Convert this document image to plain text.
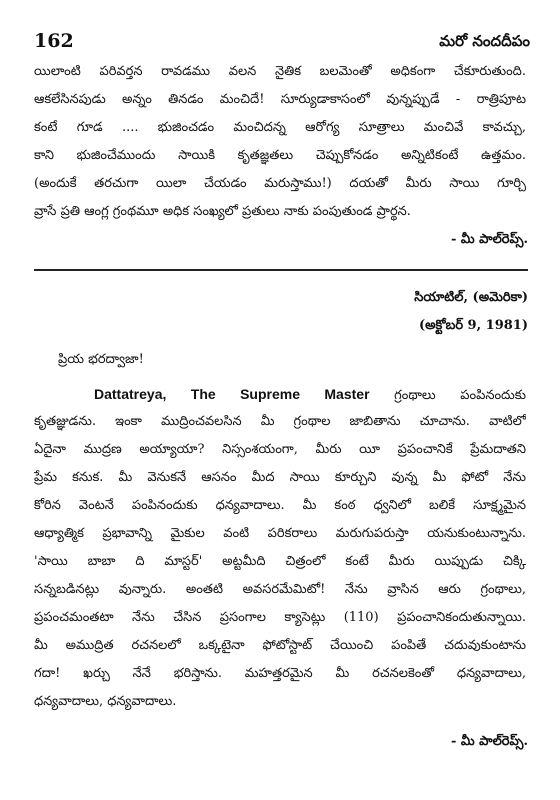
162	మరో నందదీపం
యిలాంటి పరివర్తన రావడము వలన నైతిక బలమెంతో అధికంగా చేకూరుతుంది.
ఆకలేసినపుడు అన్నం తినడం మంచిదే! సూర్యుడాకాసంలో వున్నప్పుడే - రాత్రిపూట
కంటే గూడ .... భుజించడం మంచిదన్న ఆరోగ్య సూత్రాలు మంచివే కావచ్చు,
కాని భుజించేముందు సాయికి కృతజ్ఞతలు చెప్పుకోనడం అన్నిటికంటే ఉత్తమం.
(అందుకే తరచుగా యిలా చేయడం మరుస్తాము!) దయతో మీరు సాయి గూర్చి
వ్రాసే ప్రతి ఆంగ్ల గ్రంథమూ అధిక సంఖ్యలో ప్రతులు నాకు పంపుతుండ ప్రార్థన.
- మీ పాల్‌రెప్స్.
సియాటిల్, (అమెరికా)
(అక్టోబర్ 9, 1981)
ప్రియ భరద్వాజా!
Dattatreya, The Supreme Master గ్రంథాలు పంపినందుకు
కృతజ్ఞుడను. ఇంకా ముద్రించవలసిన మీ గ్రంథాల జాబితాను చూచాను. వాటిలో
ఏదైనా ముద్రణ అయ్యాయా? నిస్సంశయంగా, మీరు యీ ప్రపంచానికే ప్రేమదాతని
ప్రేమ కనుక. మీ వెనుకనే ఆసనం మీద సాయి కూర్చుని వున్న మీ ఫోటో నేను
కోరిన వెంటనే పంపినందుకు ధన్యవాదాలు. మీ కంఠ ధ్వనిలో బలికే సూక్ష్మమైన
ఆధ్యాత్మిక ప్రభావాన్ని మైకుల వంటి పరికరాలు మరుగుపరుస్తా యనుకుంటున్నాను.
'సాయి బాబా ది మాస్టర్' అట్టమీది చిత్రంలో కంటే మీరు యిప్పుడు చిక్కి
సన్నబడినట్లు వున్నారు. అంతటి అవసరమేమిటో! నేను వ్రాసిన ఆరు గ్రంథాలు,
ప్రపంచమంతటా నేను చేసిన ప్రసంగాల క్యాసెట్లు (110) ప్రపంచానికందుతున్నాయి.
మీ అముద్రిత రచనలలో ఒక్కటైనా ఫోటోస్టాట్ చేయించి పంపితే చదువుకుంటాను
గదా! ఖర్చు నేనే భరిస్తాను. మహత్తరమైన మీ రచనలకెంతో ధన్యవాదాలు,
ధన్యవాదాలు, ధన్యవాదాలు.
- మీ పాల్‌రెప్స్.
